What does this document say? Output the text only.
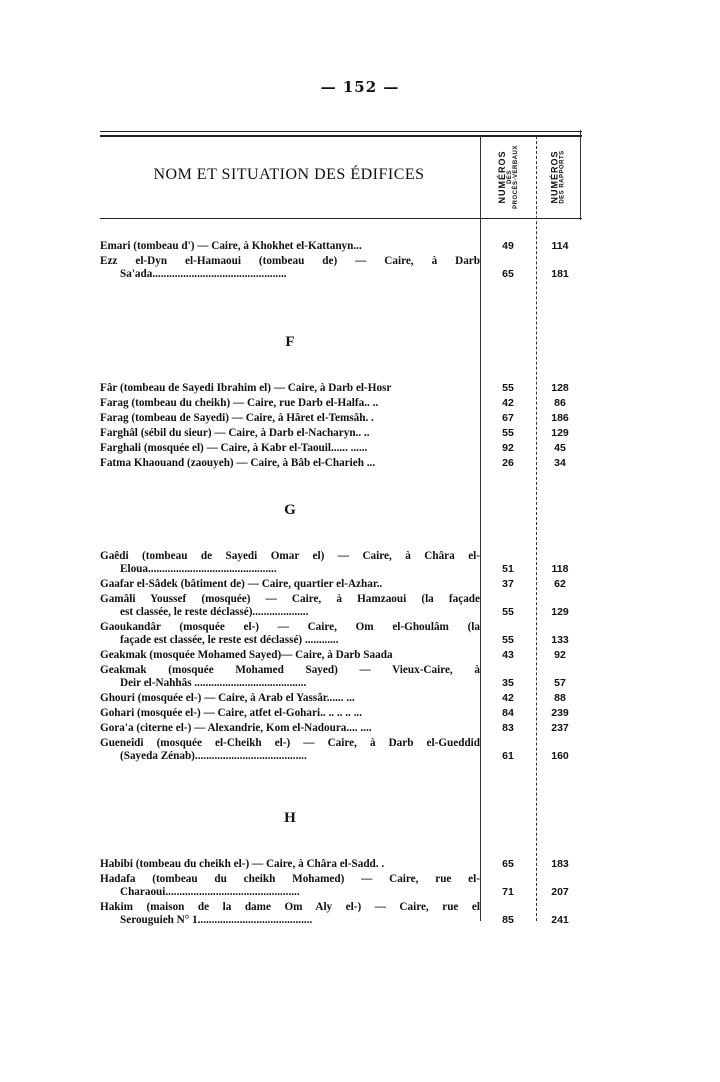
— 152 —
NOM ET SITUATION DES ÉDIFICES	NUMÉROS DES PROCÈS-VERBAUX	NUMÉROS DES RAPPORTS
Emari (tombeau d') — Caire, à Khokhet el-Kattanyn...	49	114
Ezz el-Dyn el-Hamaoui (tombeau de) — Caire, à Darb
Sa'ada................................................	65	181
F
Fâr (tombeau de Sayedi Ibrahim el) — Caire, à Darb el-Hosr	55	128
Farag (tombeau du cheikh) — Caire, rue Darb el-Halfa.. ..	42	86
Farag (tombeau de Sayedi) — Caire, à Hâret el-Temsâh. .	67	186
Farghâl (sébil du sieur) — Caire, à Darb el-Nacharyn.. ..	55	129
Farghali (mosquée el) — Caire, à Kabr el-Taouil...... ......	92	45
Fatma Khaouand (zaouyeh) — Caire, à Bâb el-Charieh ...	26	34
G
Gaêdi (tombeau de Sayedi Omar el) — Caire, à Châra el-
Eloua..............................................	51	118
Gaafar el-Sâdek (bâtiment de) — Caire, quartier el-Azhar..	37	62
Gamâli Youssef (mosquée) — Caire, à Hamzaoui (la façade
est classée, le reste déclassé)....................	55	129
Gaoukandâr (mosquée el-) — Caire, Om el-Ghoulâm (la
façade est classée, le reste est déclassé) ............	55	133
Geakmak (mosquée Mohamed Sayed)— Caire, à Darb Saada	43	92
Geakmak (mosquée Mohamed Sayed) — Vieux-Caire, à
Deir el-Nahhâs ........................................	35	57
Ghouri (mosquée el-) — Caire, à Arab el Yassâr...... ...	42	88
Gohari (mosquée el-) — Caire, atfet el-Gohari.. .. .. .. ...	84	239
Gora'a (citerne el-) — Alexandrie, Kom el-Nadoura.... ....	83	237
Gueneîdi (mosquée el-Cheikh el-) — Caire, à Darb el-Gueddid
(Sayeda Zénab)........................................	61	160
H
Habibi (tombeau du cheikh el-) — Caire, à Châra el-Sadd. .	65	183
Hadafa (tombeau du cheikh Mohamed) — Caire, rue el-
Charaoui................................................	71	207
Hakim (maison de la dame Om Aly el-) — Caire, rue el
Serouguieh N° 1.........................................	85	241
